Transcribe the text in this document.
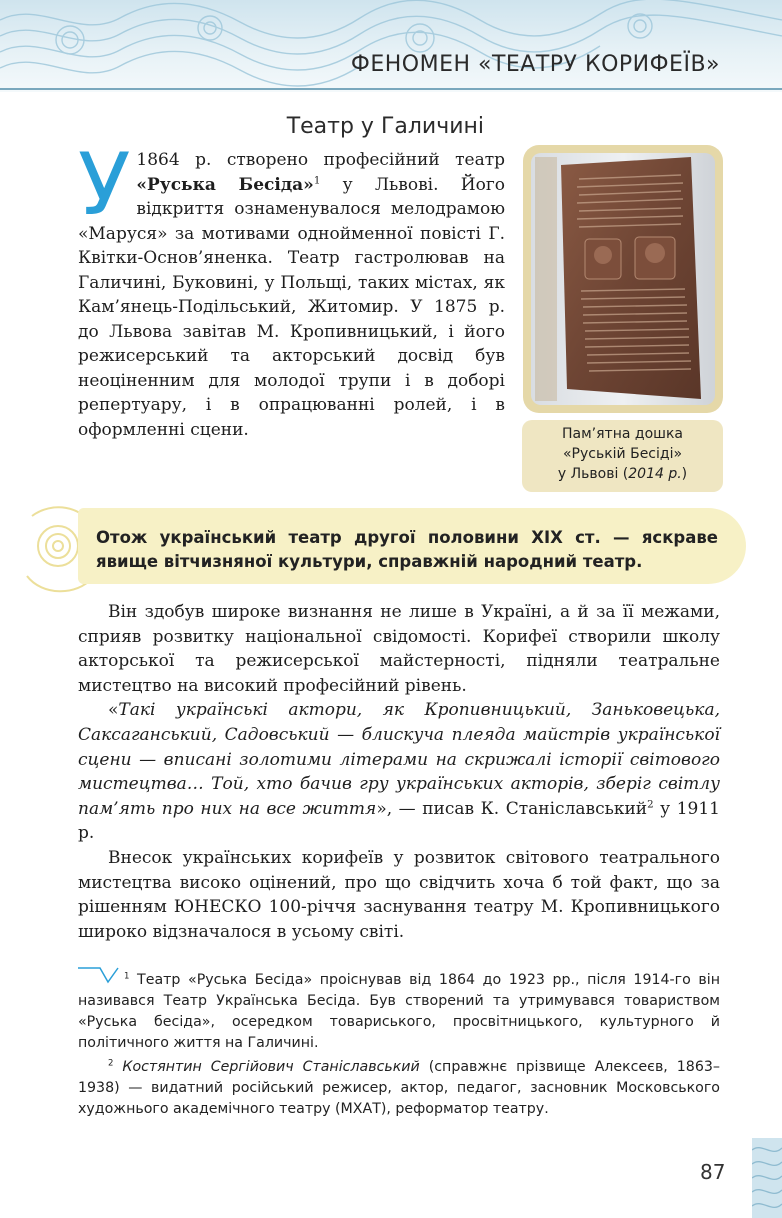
ФЕНОМЕН «ТЕАТРУ КОРИФЕЇВ»
Театр у Галичині
У 1864 р. створено професійний театр «Руська Бесіда»$^1$ у Львові. Його відкриття ознаменувалося мелодрамою «Маруся» за мотивами однойменної повісті Г. Квітки-Основ’яненка. Театр гастролював на Галичині, Буковині, у Польщі, таких містах, як Кам’янець-Подільський, Житомир. У 1875 р. до Львова завітав М. Кропивницький, і його режисерський та акторський досвід був неоціненним для молодої трупи і в доборі репертуару, і в опрацюванні ролей, і в оформленні сцени.	Пам’ятна дошка
«Руській Бесіді»
у Львові (2014 р.)
Отож український театр другої половини XIX ст. — яскраве явище вітчизняної культури, справжній народний театр.

Він здобув широке визнання не лише в Україні, а й за її межами, сприяв розвитку національної свідомості. Корифеї створили школу акторської та режисерської майстерності, підняли театральне мистецтво на високий професійний рівень.

«Такі українські актори, як Кропивницький, Заньковецька, Саксаганський, Садовський — блискуча плеяда майстрів української сцени — вписані золотими літерами на скрижалі історії світового мистецтва… Той, хто бачив гру українських акторів, зберіг світлу пам’ять про них на все життя», — писав К. Станіславський$^2$ у 1911 р.

Внесок українських корифеїв у розвиток світового театрального мистецтва високо оцінений, про що свідчить хоча б той факт, що за рішенням ЮНЕСКО 100-річчя заснування театру М. Кропивницького широко відзначалося в усьому світі.

$^1$ Театр «Руська Бесіда» проіснував від 1864 до 1923 рр., після 1914-го він називався Театр Українська Бесіда. Був створений та утримувався товариством «Руська бесіда», осередком товариського, просвітницького, культурного й політичного життя на Галичині.

$^2$ Костянтин Сергійович Станіславський (справжнє прізвище Алексеєв, 1863–1938) — видатний російський режисер, актор, педагог, засновник Московського художнього академічного театру (МХАТ), реформатор театру.

87
